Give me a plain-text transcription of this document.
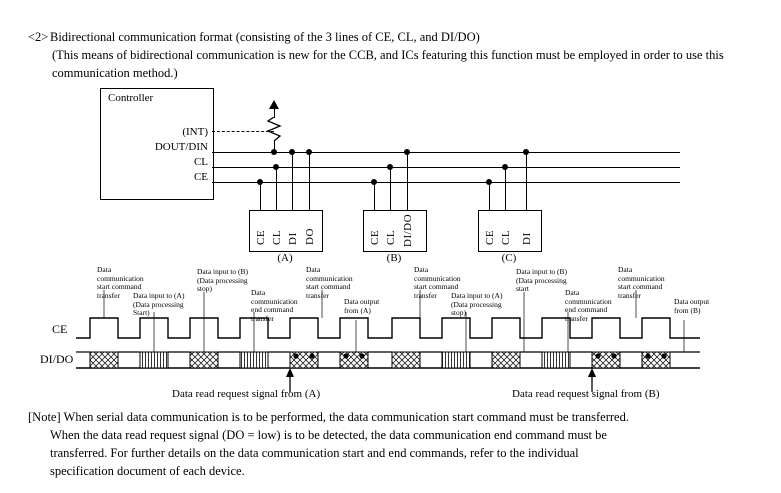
<2> Bidirectional communication format (consisting of the 3 lines of CE, CL, and DI/DO)
(This means of bidirectional communication is new for the CCB, and ICs featuring this function must be employed in order to use this communication method.)
Controller
(INT)
DOUT/DIN
CL
CE
CE CL DI DO
(A)
CE CL DI/DO
(B)
CE CL DI
(C)
CE
DI/DO
Data communication start command transfer	Data input to (A) (Data processing Start)
Data input to (B) (Data processing stop)	Data communication end command transfer
Data communication start command transfer
Data output from (A)
Data communication start command transfer	Data input to (A) (Data processing stop)
Data input to (B) (Data processing start	Data communication end command transfer
Data communication start command transfer
Data output from (B)
Data read request signal from (A)	Data read request signal from (B)

[Note] When serial data communication is to be performed, the data communication start command must be transferred.

When the data read request signal (DO = low) is to be detected, the data communication end command must be

transferred. For further details on the data communication start and end commands, refer to the individual

specification document of each device.
